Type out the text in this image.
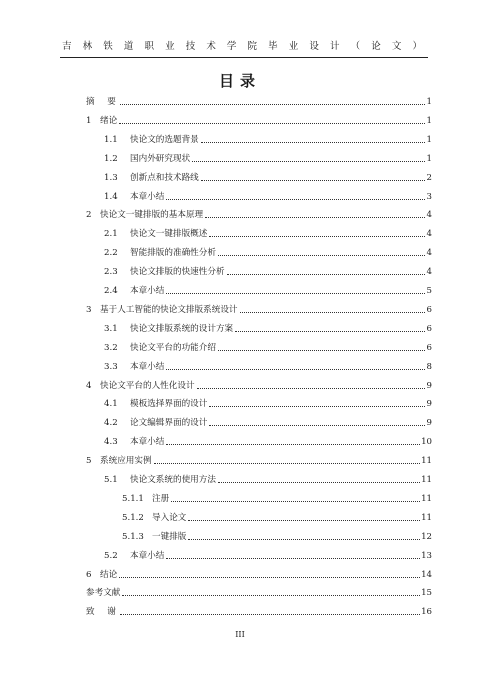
吉林铁道职业技术学院毕业设计（论文）
目录
摘　要	1
1 绪论	1
1.1	快论文的选题背景	1
1.2	国内外研究现状	1
1.3	创新点和技术路线	2
1.4	本章小结	3
2 快论文一键排版的基本原理	4
2.1	快论文一键排版概述	4
2.2	智能排版的准确性分析	4
2.3	快论文排版的快速性分析	4
2.4	本章小结	5
3 基于人工智能的快论文排版系统设计	6
3.1	快论文排版系统的设计方案	6
3.2	快论文平台的功能介绍	6
3.3	本章小结	8
4 快论文平台的人性化设计	9
4.1	模板选择界面的设计	9
4.2	论文编辑界面的设计	9
4.3	本章小结	10
5 系统应用实例	11
5.1	快论文系统的使用方法	11
5.1.1 注册	11
5.1.2 导入论文	11
5.1.3 一键排版	12
5.2	本章小结	13
6 结论	14
参考文献	15
致　谢	16
III
